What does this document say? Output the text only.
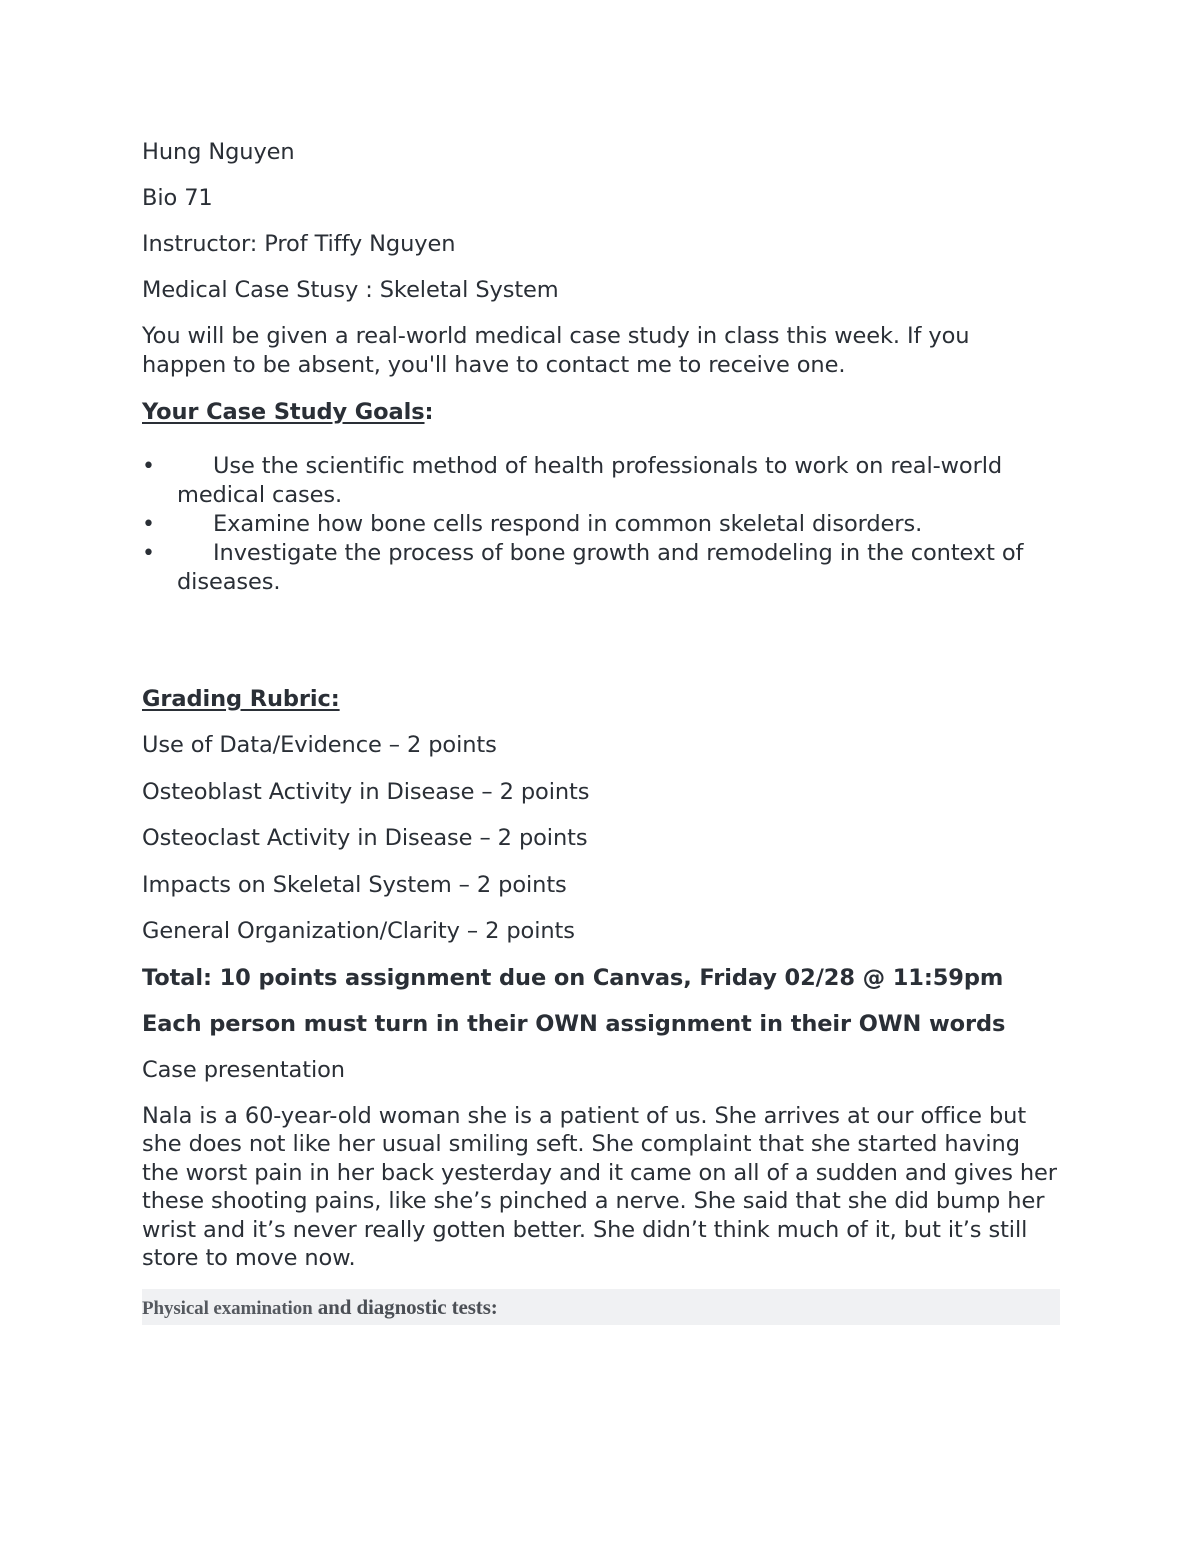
Hung Nguyen
Bio 71
Instructor: Prof Tiffy Nguyen
Medical Case Stusy : Skeletal System
You will be given a real-world medical case study in class this week. If you happen to be absent, you'll have to contact me to receive one.
Your Case Study Goals:
•	Use the scientific method of health professionals to work on real-world medical cases.
•	Examine how bone cells respond in common skeletal disorders.
•	Investigate the process of bone growth and remodeling in the context of diseases.
Grading Rubric:
Use of Data/Evidence – 2 points
Osteoblast Activity in Disease – 2 points
Osteoclast Activity in Disease – 2 points
Impacts on Skeletal System – 2 points
General Organization/Clarity – 2 points
Total: 10 points assignment due on Canvas, Friday 02/28 @ 11:59pm
Each person must turn in their OWN assignment in their OWN words
Case presentation
Nala is a 60-year-old woman she is a patient of us. She arrives at our office but she does not like her usual smiling seft. She complaint that she started having the worst pain in her back yesterday and it came on all of a sudden and gives her these shooting pains, like she’s pinched a nerve. She said that she did bump her wrist and it’s never really gotten better. She didn’t think much of it, but it’s still store to move now.
Physical examination and diagnostic tests:
